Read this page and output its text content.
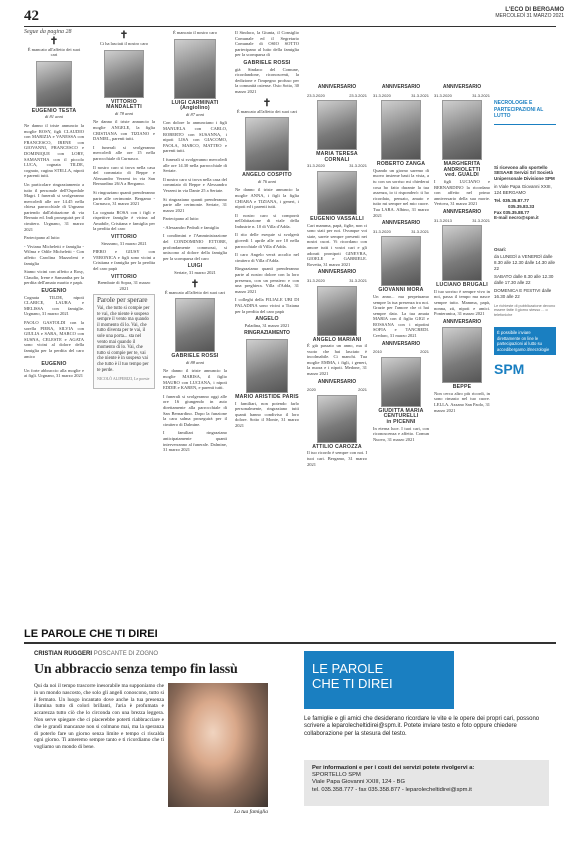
42	L'ECO DI BERGAMO
MERCOLEDÌ 31 MARZO 2021
Segue da pagina 28
✝

È mancato all'affetto dei suoi cari

EUGENIO TESTA

di 81 anni

Ne danno il triste annuncio la moglie ROSY, figli CLAUDIO con MARIZIA e VANESSA con FRANCESCO, IRENE con GIOVANNI, FRANCESCO e DOMINIQUE con LORY, SAMANTHA con il piccolo LUCA, cognata TILDE, cognato, cugina STELLA, nipoti e parenti tutti.

Un particolare ringraziamento a tutto il personale dell'Ospedale Magri. I funerali si svolgeranno mercoledì alle ore 14.45 nella chiesa parrocchiale di Urgnano partendo dall'abitazione di via Bernato ed. Indi proseguirà per il cimitero. Urgnano, 31 marzo 2021

Partecipano al lutto:

- Viviana Micheletti e famiglia - Wilma e Odile Micheletti - Con affetto Carolina Mazzoleni e famiglia

Siamo vicini con affetto a Rosy, Claudio, Irene e Samantha per la perdita dell'amato marito e papà.

EUGENIO

Cognata TILDE, nipoti CLARICE, LAURA e MELISSA con famiglie. Urgnano, 31 marzo 2021

PAOLO GASTOLDI con la sorella PIERA, SILVIA con GIULIA e SARA, MARCO con SUSNA, CELESTE e AGATA sono vicini al dolore della famiglia per la perdita del caro amico

EUGENIO

Un forte abbraccio alla moglie e ai figli. Urgnano, 31 marzo 2021

✝

Ci ha lasciati il nostro caro

VITTORIO MANDALETTI

di 78 anni

Ne danno il triste annuncio la moglie ANGELE, la figlia CRISTIANA con TIZIANO e DANIEL, parenti tutti.

I funerali si svolgeranno mercoledì alle ore 15 nella parrocchiale di Curnasco.

Il nostro caro si trova nella casa del commiato di Beppe e Alessandro Verzeni in via San Bernardino 26/A a Bergamo.

Si ringraziano quanti prenderanno parte alle cerimonie. Bergamo - Curnasco, 31 marzo 2021

La cognata ROSA con i figli e rispettive famiglie è vicina ad Amabile, Cristiana e famiglia per la perdita del caro

VITTORIO

Stezzano, 31 marzo 2021

PIERO e GIUSY con VERONICA e figli sono vicini a Cristiana e famiglia per la perdita del caro papà

VITTORIO

Brembate di Sopra, 31 marzo 2021

Parole per sperare

Vai, che tutto si compie per te vai, che niente è sospeso sempre il vento ma quando il momento di lo. Vai, che tutto diventa per te vai, il sole una porta... sta nel vento mai quando il momento di lo. Vai, che tutto si compie per te, vai che niente è in sospeso vai che tutto è il tuo tempo per te perde.

NICOLÒ ALIPERIZI, Le poesie

È mancato il nostro caro

LUIGI CARMINATI
(Angiolino)

di 87 anni

Con dolore lo annunciano i figli MANUELA con CARLO, ROBERTO con SUSANNA, i nipoti LISA con GIACOMO, PAOLA, MARCO, MATTEO e parenti tutti.

I funerali si svolgeranno mercoledì alle ore 14.30 nella parrocchiale di Seriate.

Il nostro caro si trova nella casa del commiato di Beppe e Alessandro Verzeni in via Dante 25 a Seriate.

Si ringraziano quanti prenderanno parte alle cerimonie. Seriate, 31 marzo 2021

Partecipano al lutto:

- Alessandro Pedrali e famiglia

I condòmini e l'Amministrazione del CONDOMINIO ETTORE, profondamente commossi, si uniscono al dolore della famiglia per la scomparsa del caro

LUIGI

Seriate, 31 marzo 2021

✝

È mancato all'affetto dei suoi cari

GABRIELE ROSSI

di 88 anni

Ne danno il triste annuncio la moglie MARISA, il figlio MAURO con LUCIANA, i nipoti EDDIE e KAREN, e parenti tutti.

I funerali si svolgeranno oggi alle ore 16 giungendo in auto direttamente alla parrocchiale di San Bernardino. Dopo la funzione la cara salma proseguirà per il cimitero di Dalmine.

I familiari ringraziano anticipatamente quanti interverranno al funerale. Dalmine, 31 marzo 2021

Il Sindaco, la Giunta, il Consiglio Comunale ed il Segretario Comunale di OSIO SOTTO partecipano al lutto della famiglia per la scomparsa di

GABRIELE ROSSI

già Sindaco del Comune, ricordandone, riconoscenti, la dedizione e l'impegno profuso per la comunità osiense. Osio Sotto, 30 marzo 2021

✝

È mancato all'affetto dei suoi cari

ANGELO COSPITO

di 76 anni

Ne danno il triste annuncio la moglie ANNA, i figli la figlia CHIARA e TIZIANA, i generi, i nipoti ed i parenti tutti.

Il nostro caro si comporrà nell'abitazione di viale della Industrie n. 10 di Villa d'Adda.

Il rito delle esequie si svolgerà giovedì 1 aprile alle ore 10 nella parrocchiale di Villa d'Adda.

Il caro Angelo verrà accolto nel cimitero di Villa d'Adda.

Ringraziamo quanti prenderanno parte al nostro dolore con la loro presenza, con un pensiero e con una preghiera. Villa d'Adda, 31 marzo 2021

I colleghi della FILIALE UBI DI PALADINA sono vicini a Tiziana per la perdita del caro papà

ANGELO

Paladina, 31 marzo 2021

RINGRAZIAMENTO
MARIO ARISTIDE PARIS

I familiari, non potendo farlo personalmente, ringraziano tutti quanti hanno condiviso il loro dolore. Sotto il Monte, 31 marzo 2021

ANNIVERSARIO
23.3.2020	23.3.2021
MARIA TERESA CORNALI
31.3.2020	31.3.2021
EUGENIO VASSALLI

Cari mamma, papà, figlie, non ci sono stati per noi. Ovunque voi siate, sarete sempre presenti nei nostri cuori. Vi ricordano con amore tutti i vostri cari e gli adorati pronipoti GINEVRA, GIOELE e GABRIELE. Rovetta, 31 marzo 2021

ANNIVERSARIO
31.3.2020	31.3.2021
ANGELO MARIANI

È già passato un anno, ma il vuoto che hai lasciato è incolmabile. Ci manchi. Tua moglie EMMA, i figli, i generi, la nuora e i nipoti. Medone, 31 marzo 2021

ANNIVERSARIO
2020	2021
ATTILIO CAROZZA

Il tuo ricordo è sempre con noi. I tuoi cari. Bergamo, 31 marzo 2021

ANNIVERSARIO
31.3.2020	31.3.2021
ROBERTO ZANGA

Quando un giorno saremo di nuovo insieme basti la vista, a tu con un sorriso mi chiederai cosa ho fatto durante la tua assenza, io ti risponderò: ti ho ricordato, pensato, amato e tutto mi sempre nel mio cuore. Tua LARA. Albino, 31 marzo 2021

ANNIVERSARIO
31.3.2020	31.3.2021
GIOVANNI MORA

Un anno... ma perpetuamo sempre la tua presenza tra noi. Grazie per l'amore che ci hai sempre dato. La tua amata MARIA con il figlio GIGI e ROSSANA con i nipotini SOFIA e TANCREDI. Credaro, 31 marzo 2021

ANNIVERSARIO
2010	2021
GIUDITTA MARIA CENTURELLI
in PICENNI

In eterna luce. I tuoi cari, con riconoscenza e affetto. Comun Nuovo, 31 marzo 2021

ANNIVERSARIO
31.3.2020	31.3.2021
MARGHERITA ANDRIOLETTI
ved. GUALDI

I figli LUCIANO e BERNARDINO la ricordano con affetto nel primo anniversario della sua morte. Vertova, 31 marzo 2021

ANNIVERSARIO
31.3.2013	31.3.2021
LUCIANO BRUGALI

Il tuo sorriso è sempre vivo in noi, passa il tempo ma nasce sempre tutto. Mamma, papà, nonna, zii, nipoti e amici. Ponteranica, 31 marzo 2021

ANNIVERSARIO
BEPPE

Non cerca altro più ricordi, in sono rimasto nel tuo cuore. LELLA. Azzano San Paolo, 31 marzo 2021

NECROLOGIE E PARTECIPAZIONI AL LUTTO

Si ricevono allo sportello SESAAB Servizi Srl Società Unipersonale Divisione SPM

in Viale Papa Giovanni XXIII, 124 BERGAMO

Tel. 035.35.87.77

035.35.83.33

Fax 035.35.88.77

E-mail necro@spm.it

Orari:

da LUNEDÌ a VENERDÌ dalle 8.30 alle 12.30 dalle 14.30 alle 22

SABATO dalle 8.30 alle 12.30 dalle 17.30 alle 22

DOMENICA E FESTIVI dalle 16.30 alle 22

Le richieste di pubblicazione devono essere fatte il giorno stesso ... o telefoniche

È possibile inviare direttamente on line le partecipazioni al lutto su accedibergamo.it/necrologie
SPM
LE PAROLE CHE TI DIREI
CRISTIAN RUGGERI POSCANTE DI ZOGNO
Un abbraccio senza tempo fin lassù
Qui da noi il tempo trascorre inesorabile ma supponiamo che in un mondo nascosto, che solo gli angeli conoscono, tutto si è fermato. Un luogo incantato dove anche la tua presenza illumina tutto di colori brillanti, l'aria è profumata e accarezza tutto ciò che lo circonda con una brezza leggera. Non serve spiegare che ci piacerebbe poterti riabbracciare e che le grandi mancanze non si colmano mai, ma la speranza di poterlo fare un giorno senza limite e tempo ci riscalda ogni giorno. Ti ameremo sempre tanto e ti ricordiamo che ti vogliamo un mondo di bene.
La tua famiglia
LE PAROLE
CHE TI DIREI
Le famiglie e gli amici che desiderano ricordare le vite e le opere dei propri cari, possono scrivere a leparolecheltidirei@spm.it. Potete inviare testo e foto oppure chiedere collaborazione per la stesura del testo.
Per informazioni e per i costi dei servizi potete rivolgervi a:
SPORTELLO SPM
Viale Papa Giovanni XXIII, 124 - BG
tel. 035.358.777 - fax 035.358.877 - leparolecheltidirei@spm.it
